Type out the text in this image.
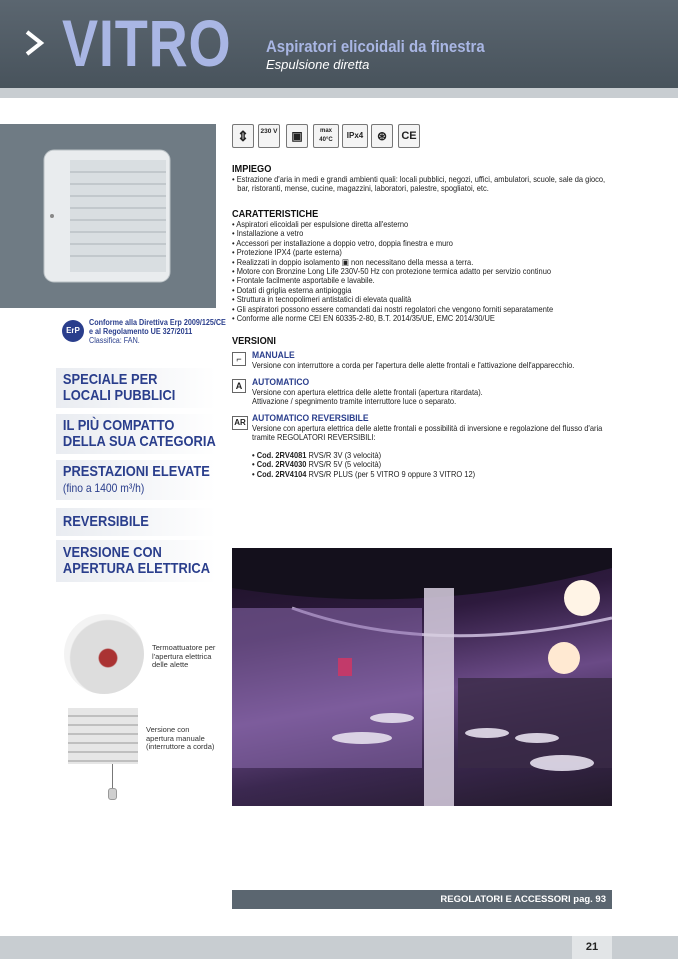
VITRO Aspiratori elicoidali da finestra
Espulsione diretta
ErP
Conforme alla Direttiva Erp 2009/125/CE
e al Regolamento UE 327/2011
Classifica: FAN.
SPECIALE PER
LOCALI PUBBLICI
IL PIÙ COMPATTO
DELLA SUA CATEGORIA
PRESTAZIONI ELEVATE
(fino a 1400 m³/h)
REVERSIBILE
VERSIONE CON
APERTURA ELETTRICA
Termoattuatore per
l'apertura elettrica
delle alette
Versione con
apertura manuale
(interruttore a corda)
⇕	230 V	▣	max 40°C	IPx4	⊛	CE
IMPIEGO
• Estrazione d'aria in medi e grandi ambienti quali: locali pubblici, negozi, uffici, ambulatori, scuole, sale da gioco,
bar, ristoranti, mense, cucine, magazzini, laboratori, palestre, spogliatoi, etc.
CARATTERISTICHE
• Aspiratori elicoidali per espulsione diretta all'esterno
• Installazione a vetro
• Accessori per installazione a doppio vetro, doppia finestra e muro
• Protezione IPX4 (parte esterna)
• Realizzati in doppio isolamento ▣ non necessitano della messa a terra.
• Motore con Bronzine Long Life 230V-50 Hz con protezione termica adatto per servizio continuo
• Frontale facilmente asportabile e lavabile.
• Dotati di griglia esterna antipioggia
• Struttura in tecnopolimeri antistatici di elevata qualità
• Gli aspiratori possono essere comandati dai nostri regolatori che vengono forniti separatamente
• Conforme alle norme CEI EN 60335-2-80, B.T. 2014/35/UE, EMC 2014/30/UE
VERSIONI
⌐	MANUALE
Versione con interruttore a corda per l'apertura delle alette frontali e l'attivazione dell'apparecchio.
A	AUTOMATICO
Versione con apertura elettrica delle alette frontali (apertura ritardata).
Attivazione / spegnimento tramite interruttore luce o separato.
AR AUTOMATICO REVERSIBILE
Versione con apertura elettrica delle alette frontali e possibilità di inversione e regolazione del flusso d'aria
tramite REGOLATORI REVERSIBILI:
• Cod. 2RV4081 RVS/R 3V (3 velocità)
• Cod. 2RV4030 RVS/R 5V (5 velocità)
• Cod. 2RV4104 RVS/R PLUS (per 5 VITRO 9 oppure 3 VITRO 12)
REGOLATORI E ACCESSORI pag. 93
21
